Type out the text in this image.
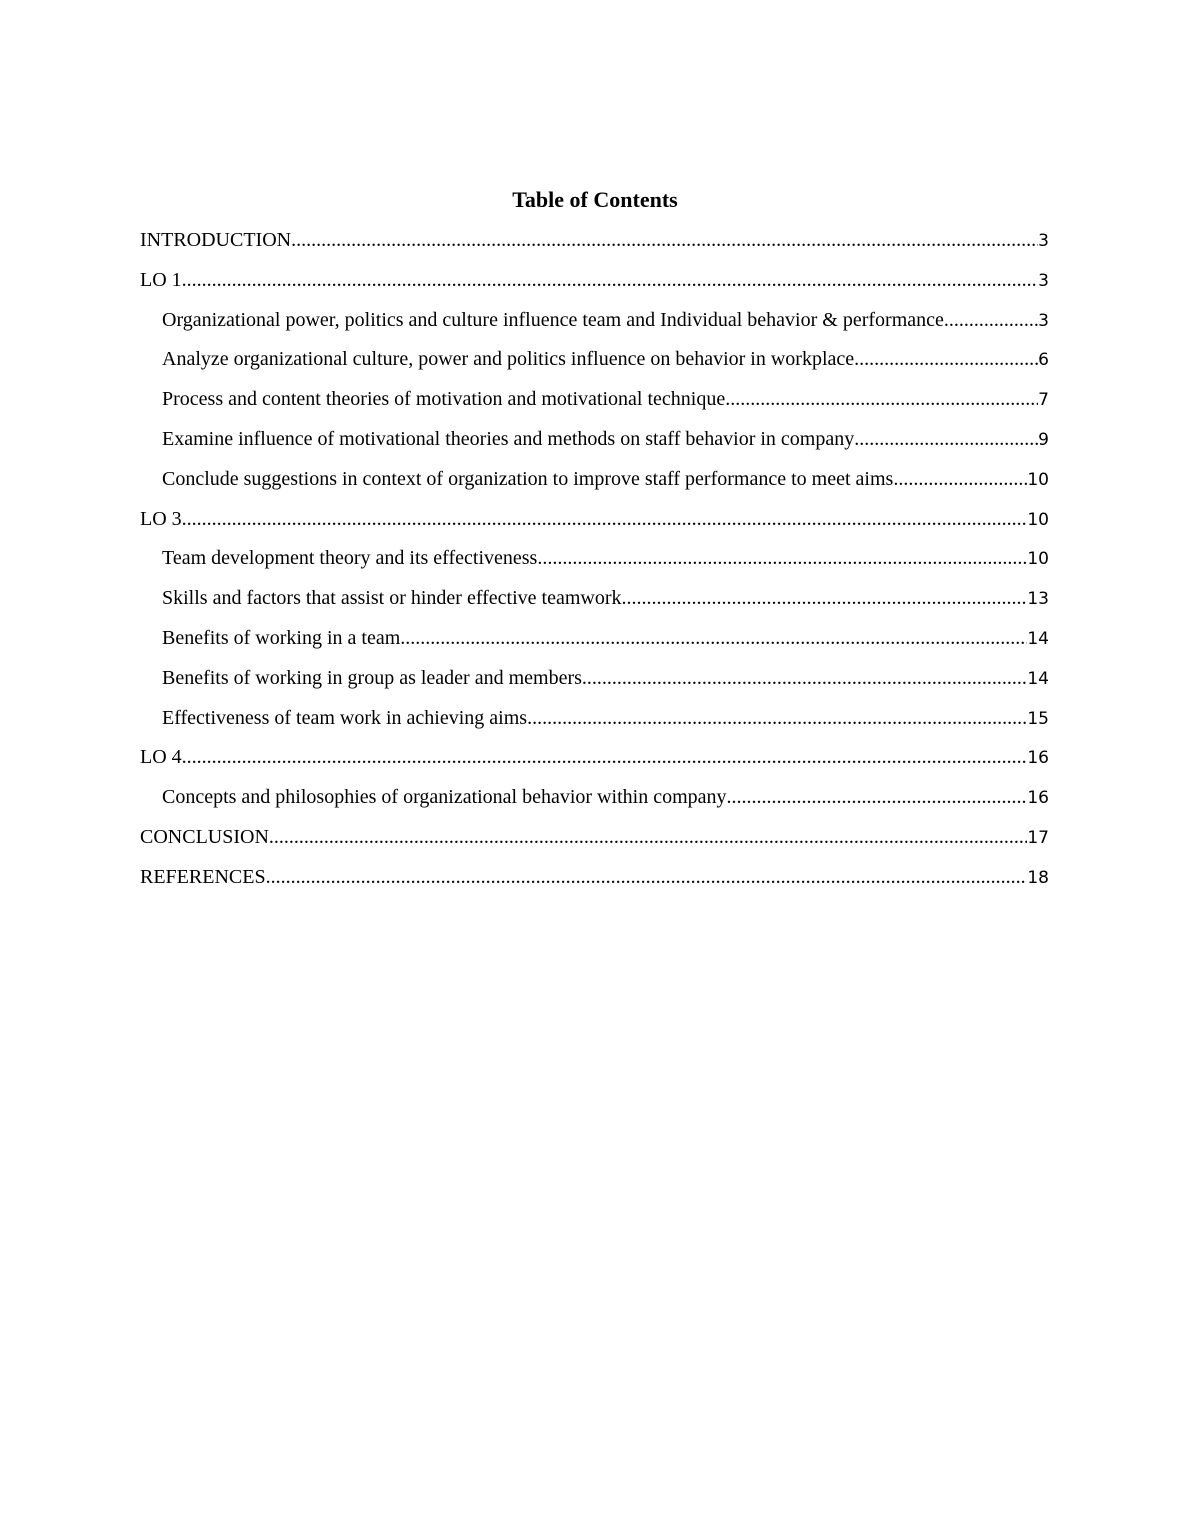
Table of Contents
INTRODUCTION .....	3
LO 1 .....	3
Organizational power, politics and culture influence team and Individual behavior & performance .....	3
Analyze organizational culture, power and politics influence on behavior in workplace .....	6
Process and content theories of motivation and motivational technique .....	7
Examine influence of motivational theories and methods on staff behavior in company .....	9
Conclude suggestions in context of organization to improve staff performance to meet aims .....	10
LO 3 .....	10
Team development theory and its effectiveness .....	10
Skills and factors that assist or hinder effective teamwork .....	13
Benefits of working in a team .....	14
Benefits of working in group as leader and members .....	14
Effectiveness of team work in achieving aims .....	15
LO 4 .....	16
Concepts and philosophies of organizational behavior within company .....	16
CONCLUSION .....	17
REFERENCES .....	18
